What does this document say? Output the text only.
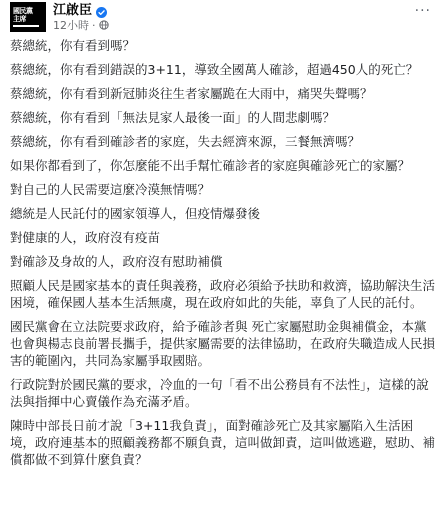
國民黨
主席
江啟臣
12小時 ·
···

蔡總統，你有看到嗎？

蔡總統，你有看到錯誤的3+11，導致全國萬人確診，超過450人的死亡？

蔡總統，你有看到新冠肺炎往生者家屬跪在大雨中，痛哭失聲嗎？

蔡總統，你有看到「無法見家人最後一面」的人間悲劇嗎？

蔡總統，你有看到確診者的家庭，失去經濟來源，三餐無濟嗎？

如果你都看到了，你怎麼能不出手幫忙確診者的家庭與確診死亡的家屬？

對自己的人民需要這麼冷漠無情嗎？

總統是人民託付的國家領導人，但疫情爆發後

對健康的人，政府沒有疫苗

對確診及身故的人，政府沒有慰助補償

照顧人民是國家基本的責任與義務，政府必須給予扶助和救濟，協助解決生活困境，確保國人基本生活無虞，現在政府如此的失能，辜負了人民的託付。

國民黨會在立法院要求政府，給予確診者與 死亡家屬慰助金與補償金，本黨也會與楊志良前署長攜手，提供家屬需要的法律協助，在政府失職造成人民損害的範圍內，共同為家屬爭取國賠。

行政院對於國民黨的要求，冷血的一句「看不出公務員有不法性」，這樣的說法與指揮中心賣儀作為充滿矛盾。

陳時中部長日前才說「3+11我負責」，面對確診死亡及其家屬陷入生活困境，政府連基本的照顧義務都不願負責，這叫做卸責，這叫做逃避，慰助、補償都做不到算什麼負責？
